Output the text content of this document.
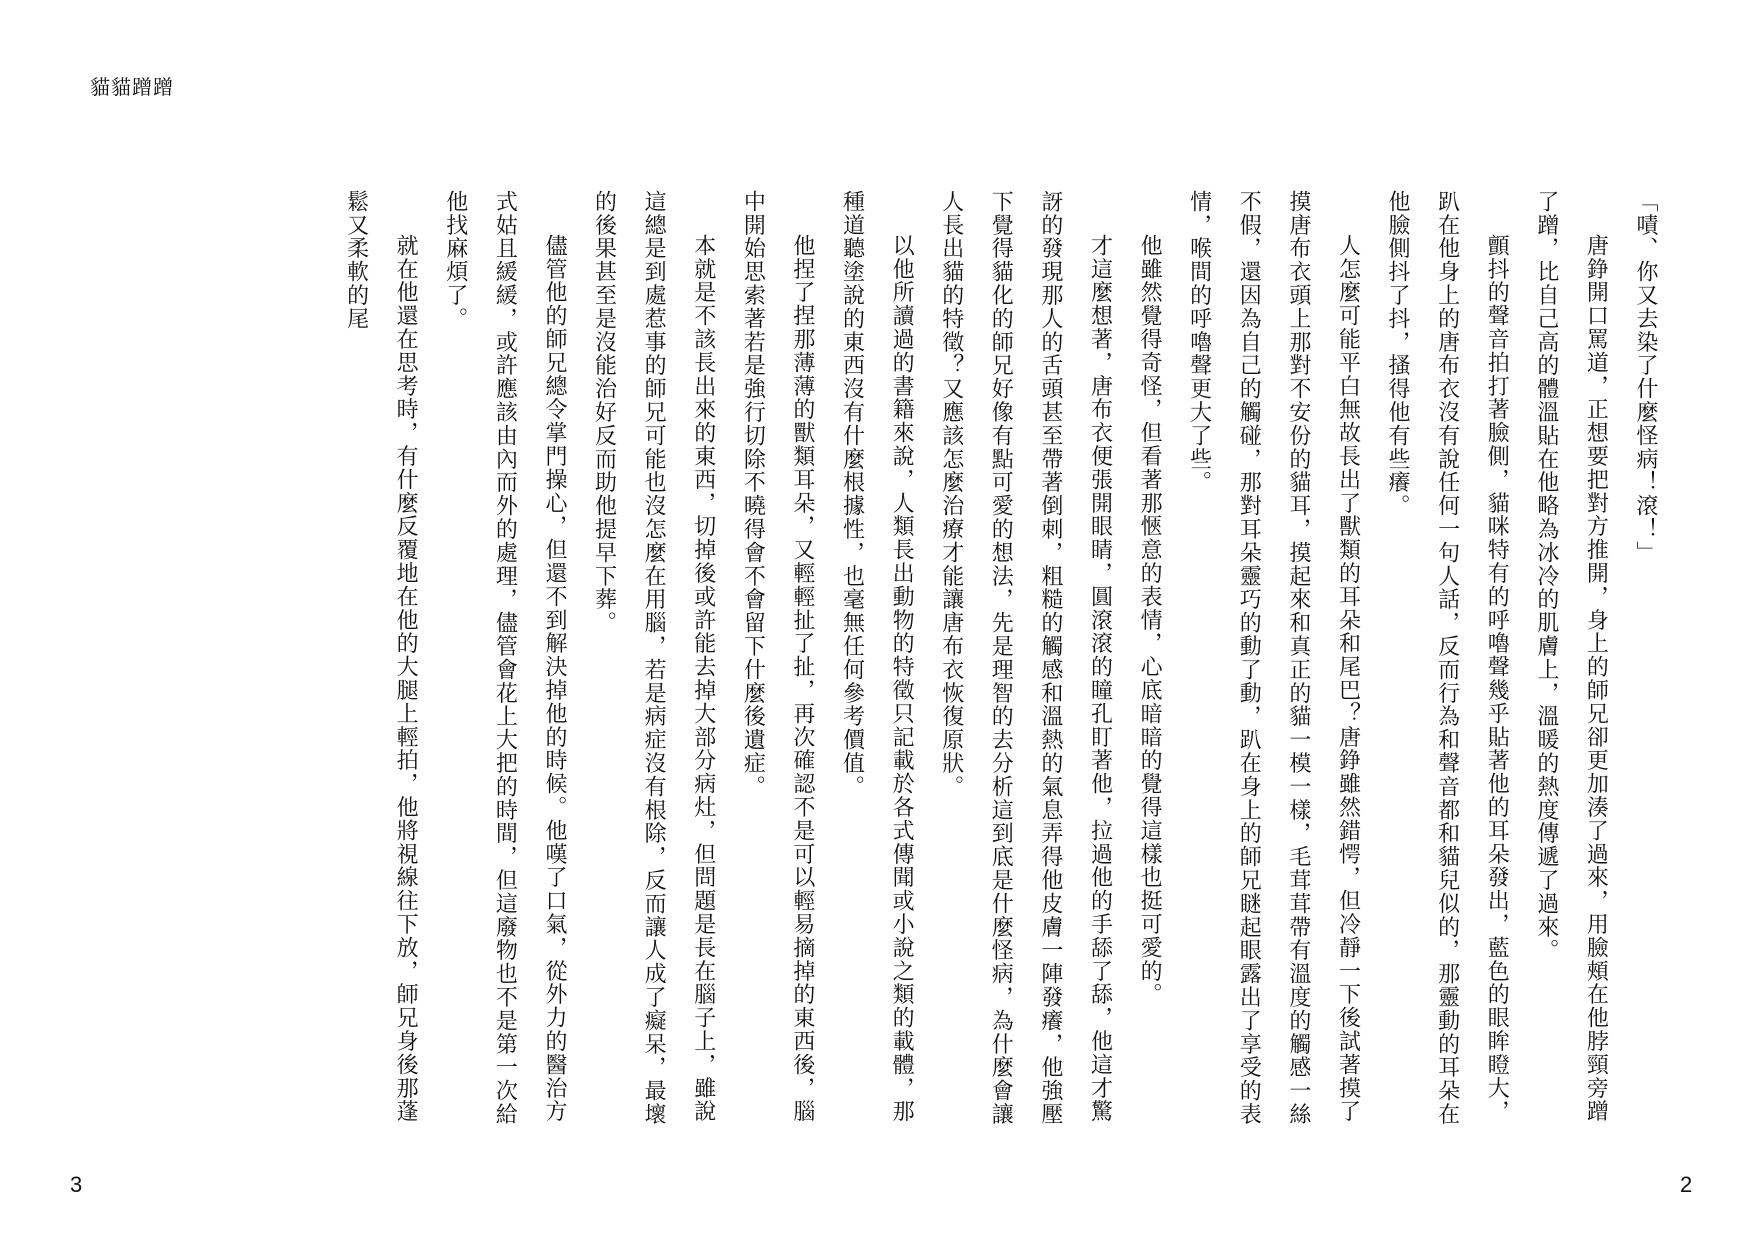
貓貓蹭蹭

「嘖、你又去染了什麼怪病！滾！」

唐錚開口罵道，正想要把對方推開，身上的師兄卻更加湊了過來，用臉頰在他脖頸旁蹭了蹭，比自己高的體溫貼在他略為冰冷的肌膚上，溫暖的熱度傳遞了過來。

顫抖的聲音拍打著臉側，貓咪特有的呼嚕聲幾乎貼著他的耳朵發出，藍色的眼眸瞪大，趴在他身上的唐布衣沒有說任何一句人話，反而行為和聲音都和貓兒似的，那靈動的耳朵在他臉側抖了抖，搔得他有些癢。

人怎麼可能平白無故長出了獸類的耳朵和尾巴？唐錚雖然錯愕，但冷靜一下後試著摸了摸唐布衣頭上那對不安份的貓耳，摸起來和真正的貓一模一樣，毛茸茸帶有溫度的觸感一絲不假，還因為自己的觸碰，那對耳朵靈巧的動了動，趴在身上的師兄瞇起眼露出了享受的表情，喉間的呼嚕聲更大了些。

他雖然覺得奇怪，但看著那愜意的表情，心底暗暗的覺得這樣也挺可愛的。

才這麼想著，唐布衣便張開眼睛，圓滾滾的瞳孔盯著他，拉過他的手舔了舔，他這才驚訝的發現那人的舌頭甚至帶著倒刺，粗糙的觸感和溫熱的氣息弄得他皮膚一陣發癢，他強壓下覺得貓化的師兄好像有點可愛的想法，先是理智的去分析這到底是什麼怪病，為什麼會讓人長出貓的特徵？又應該怎麼治療才能讓唐布衣恢復原狀。

以他所讀過的書籍來說，人類長出動物的特徵只記載於各式傳聞或小說之類的載體，那種道聽塗說的東西沒有什麼根據性，也毫無任何參考價值。

他捏了捏那薄薄的獸類耳朵，又輕輕扯了扯，再次確認不是可以輕易摘掉的東西後，腦中開始思索著若是強行切除不曉得會不會留下什麼後遺症。

本就是不該長出來的東西，切掉後或許能去掉大部分病灶，但問題是長在腦子上，雖說這總是到處惹事的師兄可能也沒怎麼在用腦，若是病症沒有根除，反而讓人成了癡呆，最壞的後果甚至是沒能治好反而助他提早下葬。

儘管他的師兄總令掌門操心，但還不到解決掉他的時候。他嘆了口氣，從外力的醫治方式姑且緩緩，或許應該由內而外的處理，儘管會花上大把的時間，但這廢物也不是第一次給他找麻煩了。

就在他還在思考時，有什麼反覆地在他的大腿上輕拍，他將視線往下放，師兄身後那蓬鬆又柔軟的尾

3	2
